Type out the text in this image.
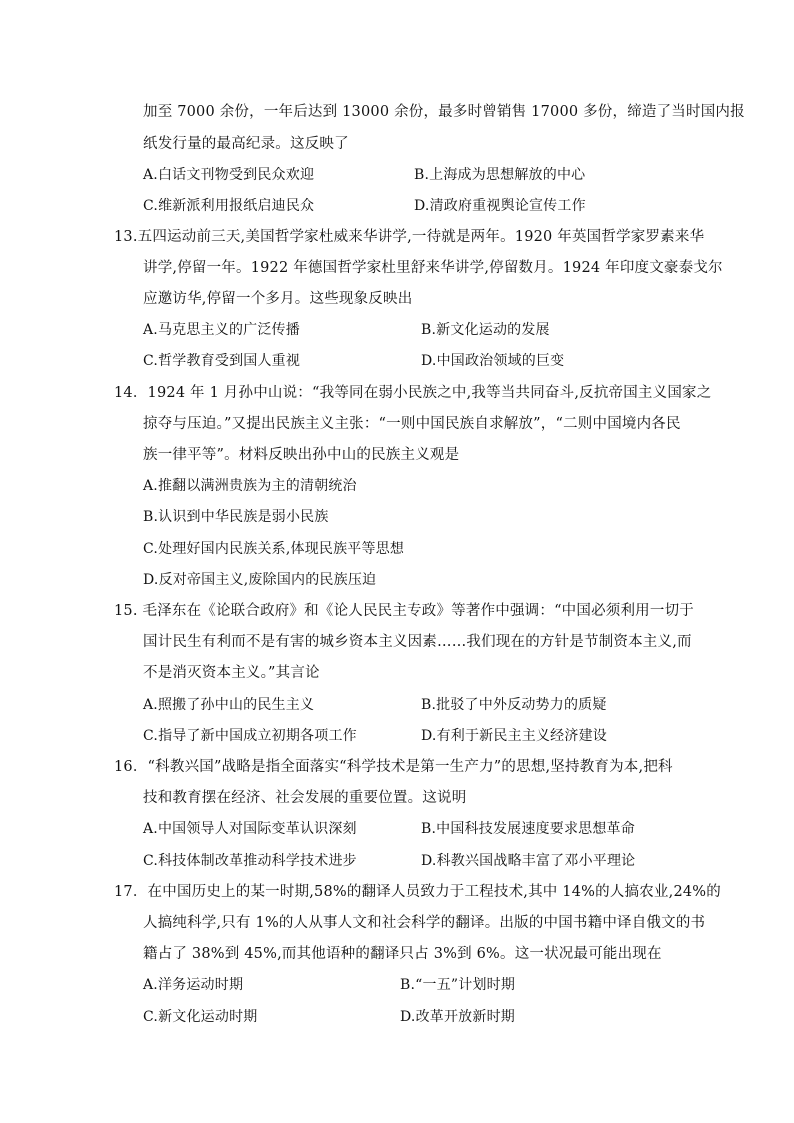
加至 7000 余份，一年后达到 13000 余份，最多时曾销售 17000 多份，缔造了当时国内报
纸发行量的最高纪录。这反映了
A.白话文刊物受到民众欢迎	B.上海成为思想解放的中心
C.维新派利用报纸启迪民众	D.清政府重视舆论宣传工作
13.五四运动前三天,美国哲学家杜威来华讲学,一待就是两年。1920 年英国哲学家罗素来华
讲学,停留一年。1922 年德国哲学家杜里舒来华讲学,停留数月。1924 年印度文豪泰戈尔
应邀访华,停留一个多月。这些现象反映出
A.马克思主义的广泛传播	B.新文化运动的发展
C.哲学教育受到国人重视	D.中国政治领域的巨变
14．1924 年 1 月孙中山说：“我等同在弱小民族之中,我等当共同奋斗,反抗帝国主义国家之
掠夺与压迫。”又提出民族主义主张：“一则中国民族自求解放”，“二则中国境内各民
族一律平等”。材料反映出孙中山的民族主义观是
A.推翻以满洲贵族为主的清朝统治
B.认识到中华民族是弱小民族
C.处理好国内民族关系,体现民族平等思想
D.反对帝国主义,废除国内的民族压迫
15. 毛泽东在《论联合政府》和《论人民民主专政》等著作中强调：“中国必须利用一切于
国计民生有利而不是有害的城乡资本主义因素……我们现在的方针是节制资本主义,而
不是消灭资本主义。”其言论
A.照搬了孙中山的民生主义	B.批驳了中外反动势力的质疑
C.指导了新中国成立初期各项工作	D.有利于新民主主义经济建设
16．“科教兴国”战略是指全面落实“科学技术是第一生产力”的思想,坚持教育为本,把科
技和教育摆在经济、社会发展的重要位置。这说明
A.中国领导人对国际变革认识深刻	B.中国科技发展速度要求思想革命
C.科技体制改革推动科学技术进步	D.科教兴国战略丰富了邓小平理论
17．在中国历史上的某一时期,58%的翻译人员致力于工程技术,其中 14%的人搞农业,24%的
人搞纯科学,只有 1%的人从事人文和社会科学的翻译。出版的中国书籍中译自俄文的书
籍占了 38%到 45%,而其他语种的翻译只占 3%到 6%。这一状况最可能出现在
A.洋务运动时期	B.“一五”计划时期
C.新文化运动时期	D.改革开放新时期
